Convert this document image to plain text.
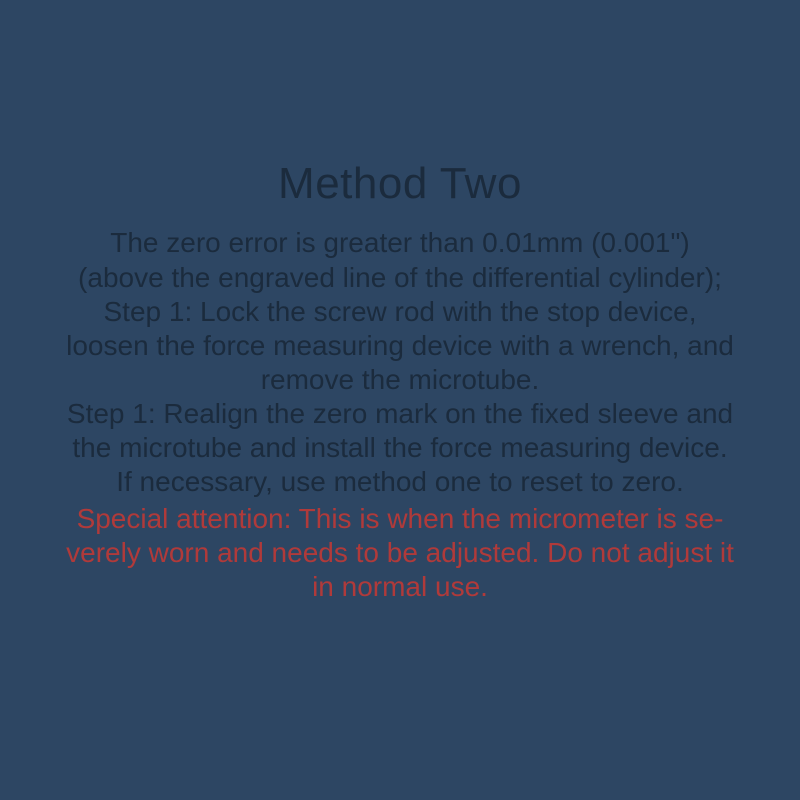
Method Two

The zero error is greater than 0.01mm (0.001")

(above the engraved line of the differential cylinder);

Step 1: Lock the screw rod with the stop device,

loosen the force measuring device with a wrench, and

remove the microtube.

Step 1: Realign the zero mark on the fixed sleeve and

the microtube and install the force measuring device.

If necessary, use method one to reset to zero.

Special attention: This is when the micrometer is se-

verely worn and needs to be adjusted. Do not adjust it

in normal use.
